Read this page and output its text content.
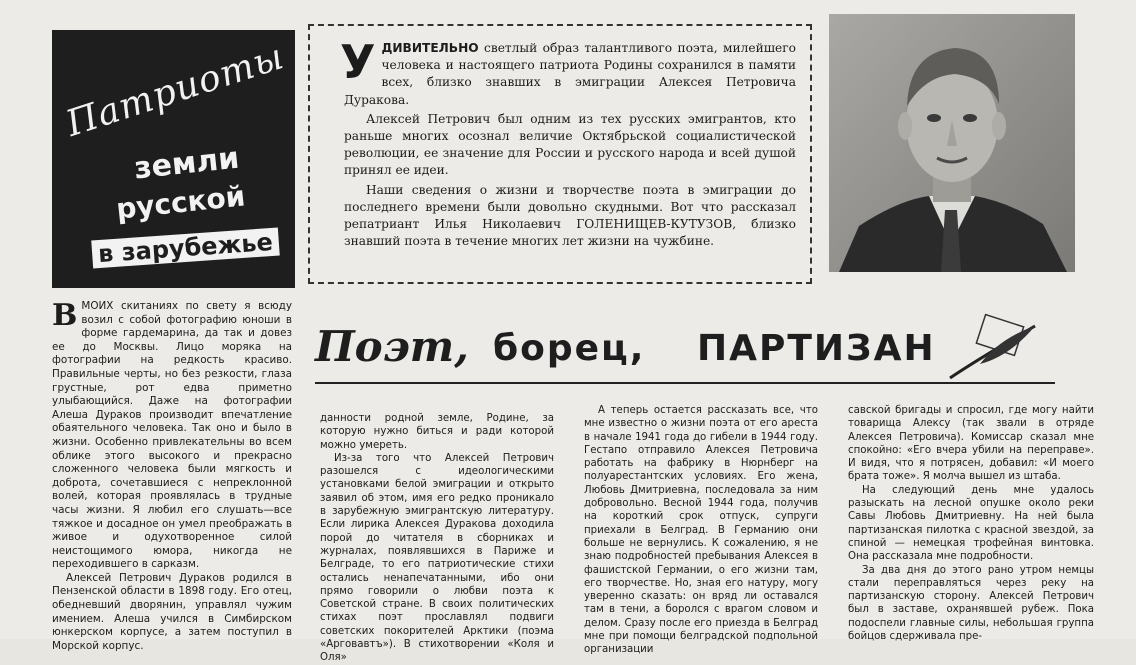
Патриоты
земли
русской
в зарубежье
У ДИВИТЕЛЬНО светлый образ талантливого поэта, милейшего человека и настоящего патриота Родины сохранился в памяти всех, близко знавших в эмиграции Алексея Петровича Дуракова.

Алексей Петрович был одним из тех русских эмигрантов, кто раньше многих осознал величие Октябрьской социалистической революции, ее значение для России и русского народа и всей душой принял ее идеи.

Наши сведения о жизни и творчестве поэта в эмиграции до последнего времени были довольно скудными. Вот что рассказал репатриант Илья Николаевич ГОЛЕНИЩЕВ-КУТУЗОВ, близко знавший поэта в течение многих лет жизни на чужбине.

В МОИХ скитаниях по свету я всюду возил с собой фотографию юноши в форме гардемарина, да так и довез ее до Москвы. Лицо моряка на фотографии на редкость красиво. Правильные черты, но без резкости, глаза грустные, рот едва приметно улыбающийся. Даже на фотографии Алеша Дураков производит впечатление обаятельного человека. Так оно и было в жизни. Особенно привлекательны во всем облике этого высокого и прекрасно сложенного человека были мягкость и доброта, сочетавшиеся с непреклонной волей, которая проявлялась в трудные часы жизни. Я любил его слушать—все тяжкое и досадное он умел преображать в живое и одухотворенное силой неистощимого юмора, никогда не переходившего в сарказм.

Алексей Петрович Дураков родился в Пензенской области в 1898 году. Его отец, обедневший дворянин, управлял чужим имением. Алеша учился в Симбирском юнкерском корпусе, а затем поступил в Морской корпус.

Поэт, борец, ПАРТИЗАН

данности родной земле, Родине, за которую нужно биться и ради которой можно умереть.

Из-за того что Алексей Петрович разошелся с идеологическими установками белой эмиграции и открыто заявил об этом, имя его редко проникало в зарубежную эмигрантскую литературу. Если лирика Алексея Дуракова доходила порой до читателя в сборниках и журналах, появлявшихся в Париже и Белграде, то его патриотические стихи остались ненапечатанными, ибо они прямо говорили о любви поэта к Советской стране. В своих политических стихах поэт прославлял подвиги советских покорителей Арктики (поэма «Арговавтъ»). В стихотворении «Коля и Оля»

А теперь остается рассказать все, что мне известно о жизни поэта от его ареста в начале 1941 года до гибели в 1944 году. Гестапо отправило Алексея Петровича работать на фабрику в Нюрнберг на полуарестантских условиях. Его жена, Любовь Дмитриевна, последовала за ним добровольно. Весной 1944 года, получив на короткий срок отпуск, супруги приехали в Белград. В Германию они больше не вернулись. К сожалению, я не знаю подробностей пребывания Алексея в фашистской Германии, о его жизни там, его творчестве. Но, зная его натуру, могу уверенно сказать: он вряд ли оставался там в тени, а боролся с врагом словом и делом. Сразу после его приезда в Белград мне при помощи белградской подпольной организации

савской бригады и спросил, где могу найти товарища Алексу (так звали в отряде Алексея Петровича). Комиссар сказал мне спокойно: «Его вчера убили на переправе». И видя, что я потрясен, добавил: «И моего брата тоже». Я молча вышел из штаба.

На следующий день мне удалось разыскать на лесной опушке около реки Савы Любовь Дмитриевну. На ней была партизанская пилотка с красной звездой, за спиной — немецкая трофейная винтовка. Она рассказала мне подробности.

За два дня до этого рано утром немцы стали переправляться через реку на партизанскую сторону. Алексей Петрович был в заставе, охранявшей рубеж. Пока подоспели главные силы, небольшая группа бойцов сдерживала пре-
